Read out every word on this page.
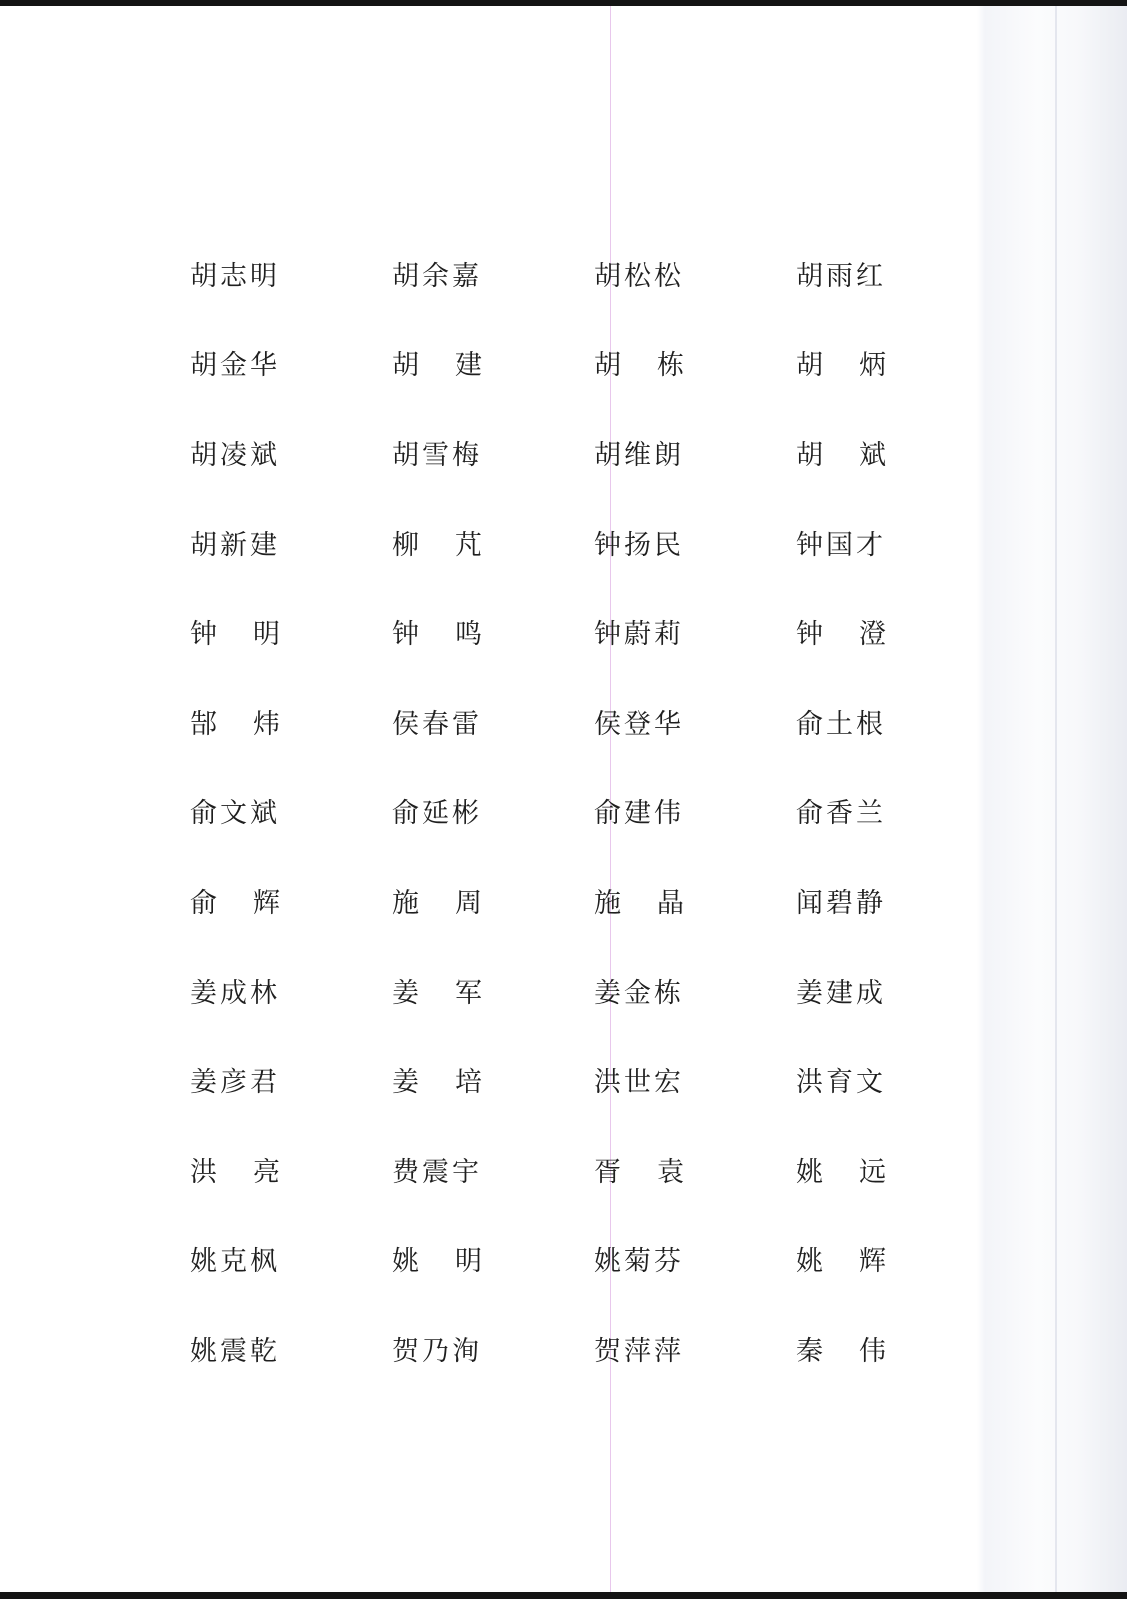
胡志明	胡余嘉	胡松松	胡雨红
胡金华	胡 建	胡 栋	胡 炳
胡凌斌	胡雪梅	胡维朗	胡 斌
胡新建	柳 芃	钟扬民	钟国才
钟 明	钟 鸣	钟蔚莉	钟 澄
郜 炜	侯春雷	侯登华	俞土根
俞文斌	俞延彬	俞建伟	俞香兰
俞 辉	施 周	施 晶	闻碧静
姜成林	姜 军	姜金栋	姜建成
姜彦君	姜 培	洪世宏	洪育文
洪 亮	费震宇	胥 袁	姚 远
姚克枫	姚 明	姚菊芬	姚 辉
姚震乾	贺乃洵	贺萍萍	秦 伟
